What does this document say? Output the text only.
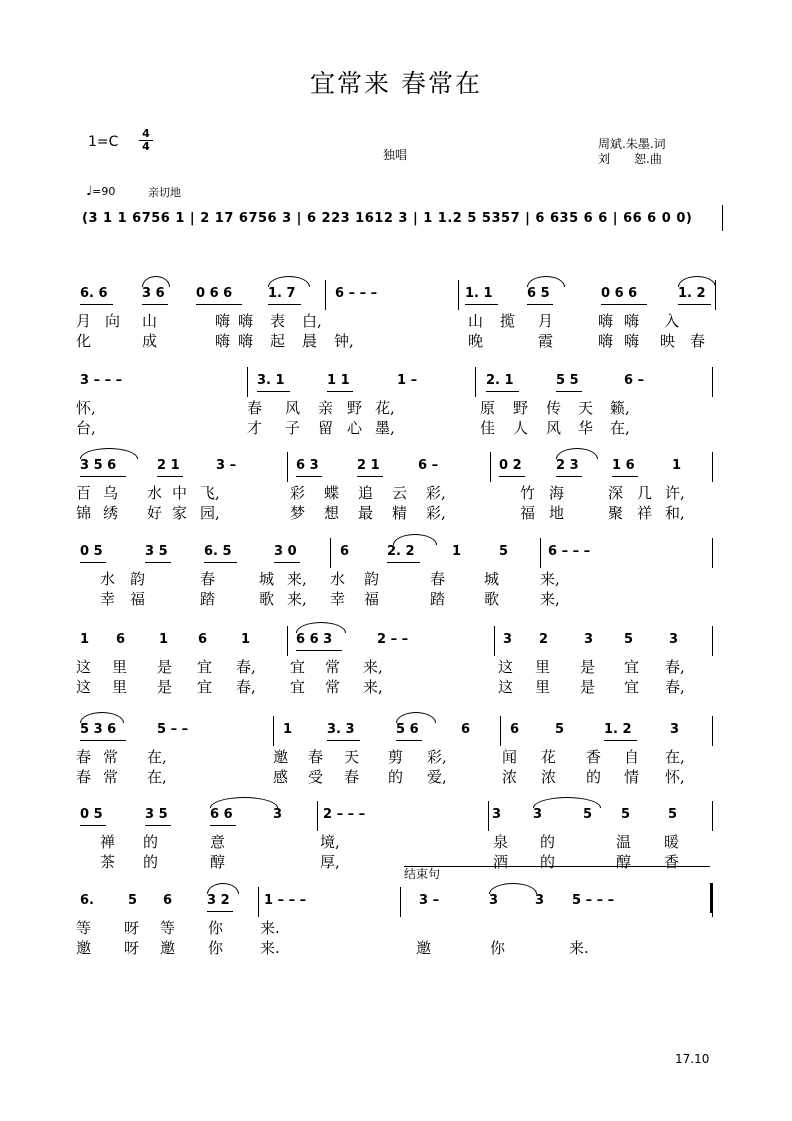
宜常来 春常在
1=C
4
4
独唱
周斌.朱墨.词
刘　　恕.曲
♩=90	亲切地
(3 1 1 6756 1 | 2 17 6756 3 | 6 223 1612 3 | 1 1.2 5 5357 | 6 635 6 6 | 66 6 0 0)
6. 6	3 6 0 6 6	1. 7	6 – – –	1. 1	6 5	0 6 6	1. 2
月 向 山	嗨 嗨 表 白,	山 揽 月	嗨 嗨 入
化	成	嗨 嗨 起 晨 钟,	晚	霞	嗨 嗨 映 春
3 – – –	3. 1	1 1	1 –	2. 1	5 5	6 –
怀,	春 风 亲 野 花,	原 野 传 天 籁,
台,	才 子 留 心 墨,	佳 人 风 华 在,
3 5 6	2 1	3 –	6 3	2 1	6 –	0 2	2 3	1 6	1
百 乌 水 中 飞,	彩 蝶 追 云 彩,	竹 海	深 几 许,
锦 绣 好 家 园,	梦 想 最 精 彩,	福 地	聚 祥 和,
0 5	3 5	6. 5	3 0	6	2. 2	1	5	6 – – –
水 韵	春	城 来, 水 韵	春	城	来,
幸 福	踏	歌 来, 幸 福	踏	歌	来,
1 6	1 6	1	6 6 3	2 – –	3 2	3 5	3
这 里 是 宜 春, 宜 常 来,	这 里 是 宜 春,
这 里 是 宜 春, 宜 常 来,	这 里 是 宜 春,
5 3 6	5 – –	1	3. 3	5 6	6	6	5	1. 2	3
春 常 在,	邀 春 天 剪 彩,	闻 花 香 自 在,
春 常 在,	感 受 春 的 爱,	浓 浓 的 情 怀,
0 5	3 5	6 6	3	2 – – –	3 3	5 5	5
禅 的	意	境,	泉 的	温 暖
茶 的	醇	厚,	酒 的	醇 香
6.	5 6	3 2	1 – – –	3 –	3	3 5 – – –
等 呀 等 你 来.
邀 呀 邀 你 来.	邀	你	来.
结束句
17.10
